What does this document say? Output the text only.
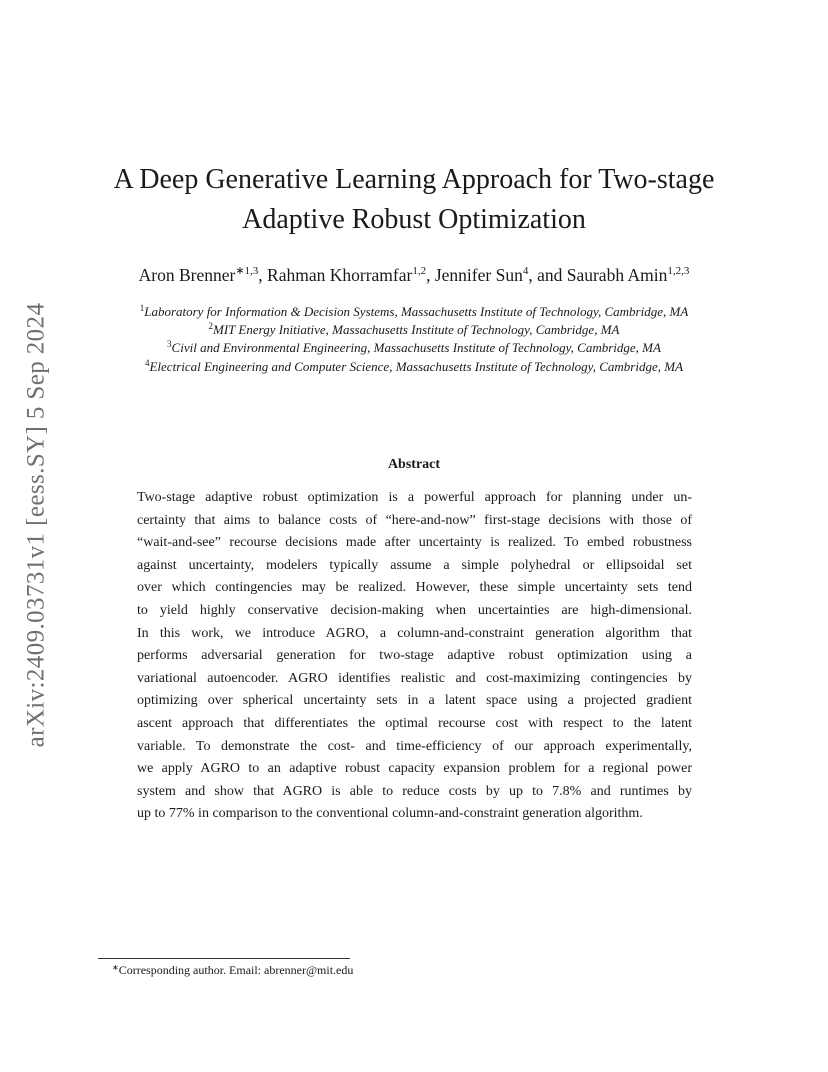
arXiv:2409.03731v1 [eess.SY] 5 Sep 2024
A Deep Generative Learning Approach for Two-stage
Adaptive Robust Optimization
Aron Brenner$^{∗1,3}$, Rahman Khorramfar$^{1,2}$, Jennifer Sun$^4$, and Saurabh Amin$^{1,2,3}$
$^1$Laboratory for Information & Decision Systems, Massachusetts Institute of Technology, Cambridge, MA
$^2$MIT Energy Initiative, Massachusetts Institute of Technology, Cambridge, MA
$^3$Civil and Environmental Engineering, Massachusetts Institute of Technology, Cambridge, MA
$^4$Electrical Engineering and Computer Science, Massachusetts Institute of Technology, Cambridge, MA
Abstract
Two-stage adaptive robust optimization is a powerful approach for planning under un-
certainty that aims to balance costs of “here-and-now” first-stage decisions with those of
“wait-and-see” recourse decisions made after uncertainty is realized. To embed robustness
against uncertainty, modelers typically assume a simple polyhedral or ellipsoidal set
over which contingencies may be realized. However, these simple uncertainty sets tend
to yield highly conservative decision-making when uncertainties are high-dimensional.
In this work, we introduce AGRO, a column-and-constraint generation algorithm that
performs adversarial generation for two-stage adaptive robust optimization using a
variational autoencoder. AGRO identifies realistic and cost-maximizing contingencies by
optimizing over spherical uncertainty sets in a latent space using a projected gradient
ascent approach that differentiates the optimal recourse cost with respect to the latent
variable. To demonstrate the cost- and time-efficiency of our approach experimentally,
we apply AGRO to an adaptive robust capacity expansion problem for a regional power
system and show that AGRO is able to reduce costs by up to 7.8% and runtimes by
up to 77% in comparison to the conventional column-and-constraint generation algorithm.
∗Corresponding author. Email: abrenner@mit.edu
